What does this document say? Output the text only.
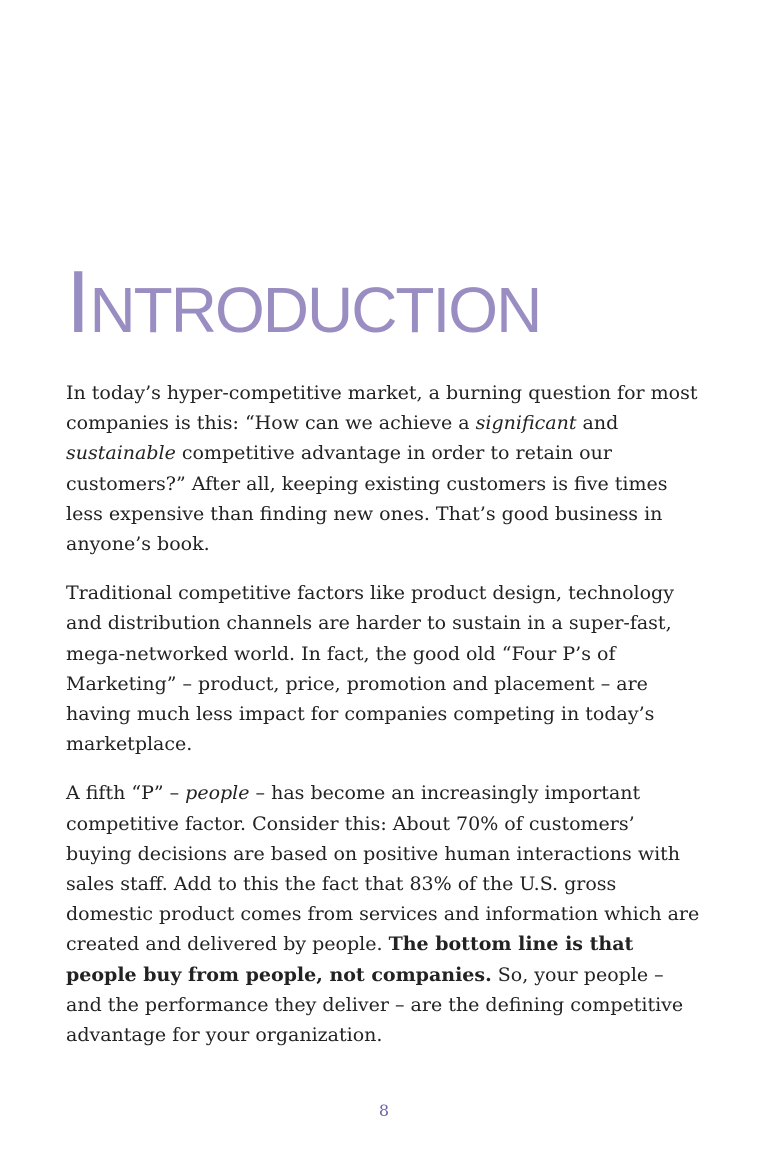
INTRODUCTION

In today’s hyper-competitive market, a burning question for most companies is this: “How can we achieve a significant and sustainable competitive advantage in order to retain our customers?” After all, keeping existing customers is five times less expensive than finding new ones. That’s good business in anyone’s book.

Traditional competitive factors like product design, technology and distribution channels are harder to sustain in a super-fast, mega-networked world. In fact, the good old “Four P’s of Marketing” – product, price, promotion and placement – are having much less impact for companies competing in today’s marketplace.

A fifth “P” – people – has become an increasingly important competitive factor. Consider this: About 70% of customers’ buying decisions are based on positive human interactions with sales staff. Add to this the fact that 83% of the U.S. gross domestic product comes from services and information which are created and delivered by people. The bottom line is that people buy from people, not companies. So, your people – and the performance they deliver – are the defining competitive advantage for your organization.

8
